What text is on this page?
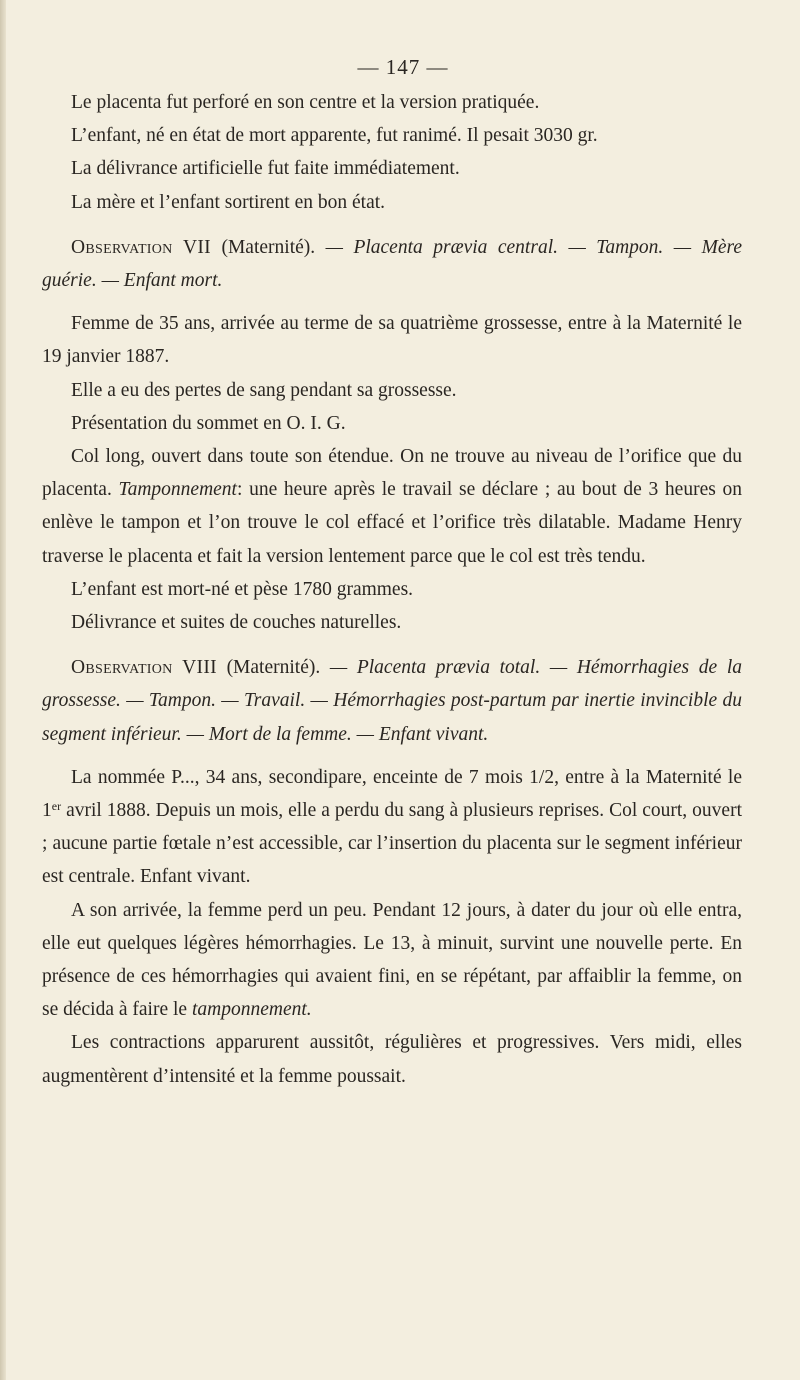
— 147 —

Le placenta fut perforé en son centre et la version pratiquée.

L’enfant, né en état de mort apparente, fut ranimé. Il pesait 3030 gr.

La délivrance artificielle fut faite immédiatement.

La mère et l’enfant sortirent en bon état.

Observation VII (Maternité). — Placenta prævia central. — Tampon. — Mère guérie. — Enfant mort.

Femme de 35 ans, arrivée au terme de sa quatrième grossesse, entre à la Maternité le 19 janvier 1887.

Elle a eu des pertes de sang pendant sa grossesse.

Présentation du sommet en O. I. G.

Col long, ouvert dans toute son étendue. On ne trouve au niveau de l’orifice que du placenta. Tamponnement: une heure après le travail se déclare ; au bout de 3 heures on enlève le tampon et l’on trouve le col effacé et l’orifice très dilatable. Madame Henry traverse le placenta et fait la version lentement parce que le col est très tendu.

L’enfant est mort-né et pèse 1780 grammes.

Délivrance et suites de couches naturelles.

Observation VIII (Maternité). — Placenta prævia total. — Hémorrhagies de la grossesse. — Tampon. — Travail. — Hémorrhagies post-partum par inertie invincible du segment inférieur. — Mort de la femme. — Enfant vivant.

La nommée P..., 34 ans, secondipare, enceinte de 7 mois 1/2, entre à la Maternité le 1er avril 1888. Depuis un mois, elle a perdu du sang à plusieurs reprises. Col court, ouvert ; aucune partie fœtale n’est accessible, car l’insertion du placenta sur le segment inférieur est centrale. Enfant vivant.

A son arrivée, la femme perd un peu. Pendant 12 jours, à dater du jour où elle entra, elle eut quelques légères hémorrhagies. Le 13, à minuit, survint une nouvelle perte. En présence de ces hémorrhagies qui avaient fini, en se répétant, par affaiblir la femme, on se décida à faire le tamponnement.

Les contractions apparurent aussitôt, régulières et progressives. Vers midi, elles augmentèrent d’intensité et la femme poussait.
